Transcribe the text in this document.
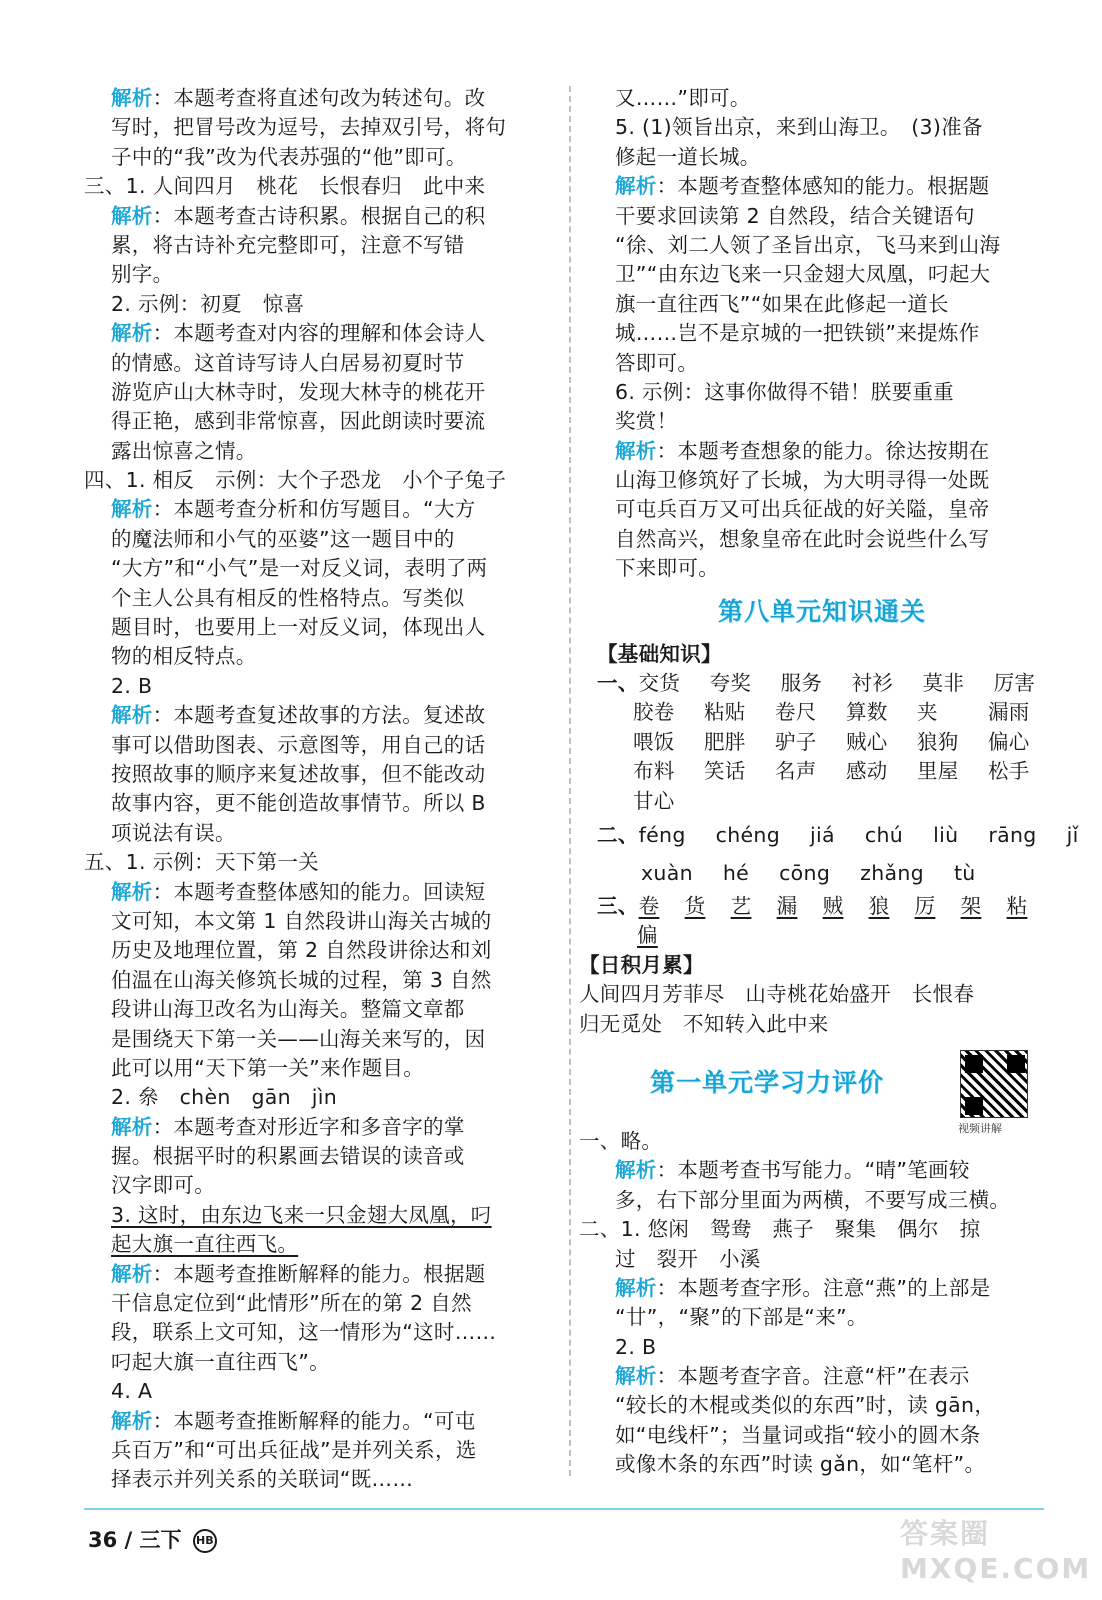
解析：本题考查将直述句改为转述句。改
写时，把冒号改为逗号，去掉双引号，将句
子中的“我”改为代表苏强的“他”即可。
三、1. 人间四月　桃花　长恨春归　此中来
解析：本题考查古诗积累。根据自己的积
累，将古诗补充完整即可，注意不写错
别字。
2. 示例：初夏　惊喜
解析：本题考查对内容的理解和体会诗人
的情感。这首诗写诗人白居易初夏时节
游览庐山大林寺时，发现大林寺的桃花开
得正艳，感到非常惊喜，因此朗读时要流
露出惊喜之情。
四、1. 相反　示例：大个子恐龙　小个子兔子
解析：本题考查分析和仿写题目。“大方
的魔法师和小气的巫婆”这一题目中的
“大方”和“小气”是一对反义词，表明了两
个主人公具有相反的性格特点。写类似
题目时，也要用上一对反义词，体现出人
物的相反特点。
2. B
解析：本题考查复述故事的方法。复述故
事可以借助图表、示意图等，用自己的话
按照故事的顺序来复述故事，但不能改动
故事内容，更不能创造故事情节。所以 B
项说法有误。
五、1. 示例：天下第一关
解析：本题考查整体感知的能力。回读短
文可知，本文第 1 自然段讲山海关古城的
历史及地理位置，第 2 自然段讲徐达和刘
伯温在山海关修筑长城的过程，第 3 自然
段讲山海卫改名为山海关。整篇文章都
是围绕天下第一关——山海关来写的，因
此可以用“天下第一关”来作题目。
2. 㕘　chèn　gān　jìn
解析：本题考查对形近字和多音字的掌
握。根据平时的积累画去错误的读音或
汉字即可。
3. 这时，由东边飞来一只金翅大凤凰，叼
起大旗一直往西飞。
解析：本题考查推断解释的能力。根据题
干信息定位到“此情形”所在的第 2 自然
段，联系上文可知，这一情形为“这时……
叼起大旗一直往西飞”。
4. A
解析：本题考查推断解释的能力。“可屯
兵百万”和“可出兵征战”是并列关系，选
择表示并列关系的关联词“既……
又……”即可。
5. (1)领旨出京，来到山海卫。　(3)准备
修起一道长城。
解析：本题考查整体感知的能力。根据题
干要求回读第 2 自然段，结合关键语句
“徐、刘二人领了圣旨出京，飞马来到山海
卫”“由东边飞来一只金翅大凤凰，叼起大
旗一直往西飞”“如果在此修起一道长
城……岂不是京城的一把铁锁”来提炼作
答即可。
6. 示例：这事你做得不错！朕要重重
奖赏！
解析：本题考查想象的能力。徐达按期在
山海卫修筑好了长城，为大明寻得一处既
可屯兵百万又可出兵征战的好关隘，皇帝
自然高兴，想象皇帝在此时会说些什么写
下来即可。
第八单元知识通关
【基础知识】
一、交货 夸奖 服务 衬衫 莫非 厉害
胶卷 粘贴 卷尺 算数 夹 漏雨
喂饭 肥胖 驴子 贼心 狼狗 偏心
布料 笑话 名声 感动 里屋 松手
甘心
二、féng chéng jiá chú liù rāng jǐ
xuàn hé cōng zhǎng tù
三、卷 货 艺 漏 贼 狼 厉 架 粘
偏
【日积月累】
人间四月芳菲尽　山寺桃花始盛开　长恨春
归无觅处　不知转入此中来
第一单元学习力评价
一、略。
解析：本题考查书写能力。“晴”笔画较
多，右下部分里面为两横，不要写成三横。
二、1. 悠闲　鸳鸯　燕子　聚集　偶尔　掠
过　裂开　小溪
解析：本题考查字形。注意“燕”的上部是
“廿”，“聚”的下部是“来”。
2. B
解析：本题考查字音。注意“杆”在表示
“较长的木棍或类似的东西”时，读 gān，
如“电线杆”；当量词或指“较小的圆木条
或像木条的东西”时读 gǎn，如“笔杆”。
视频讲解
36 / 三下 HB	答案圈 MXQE.COM
